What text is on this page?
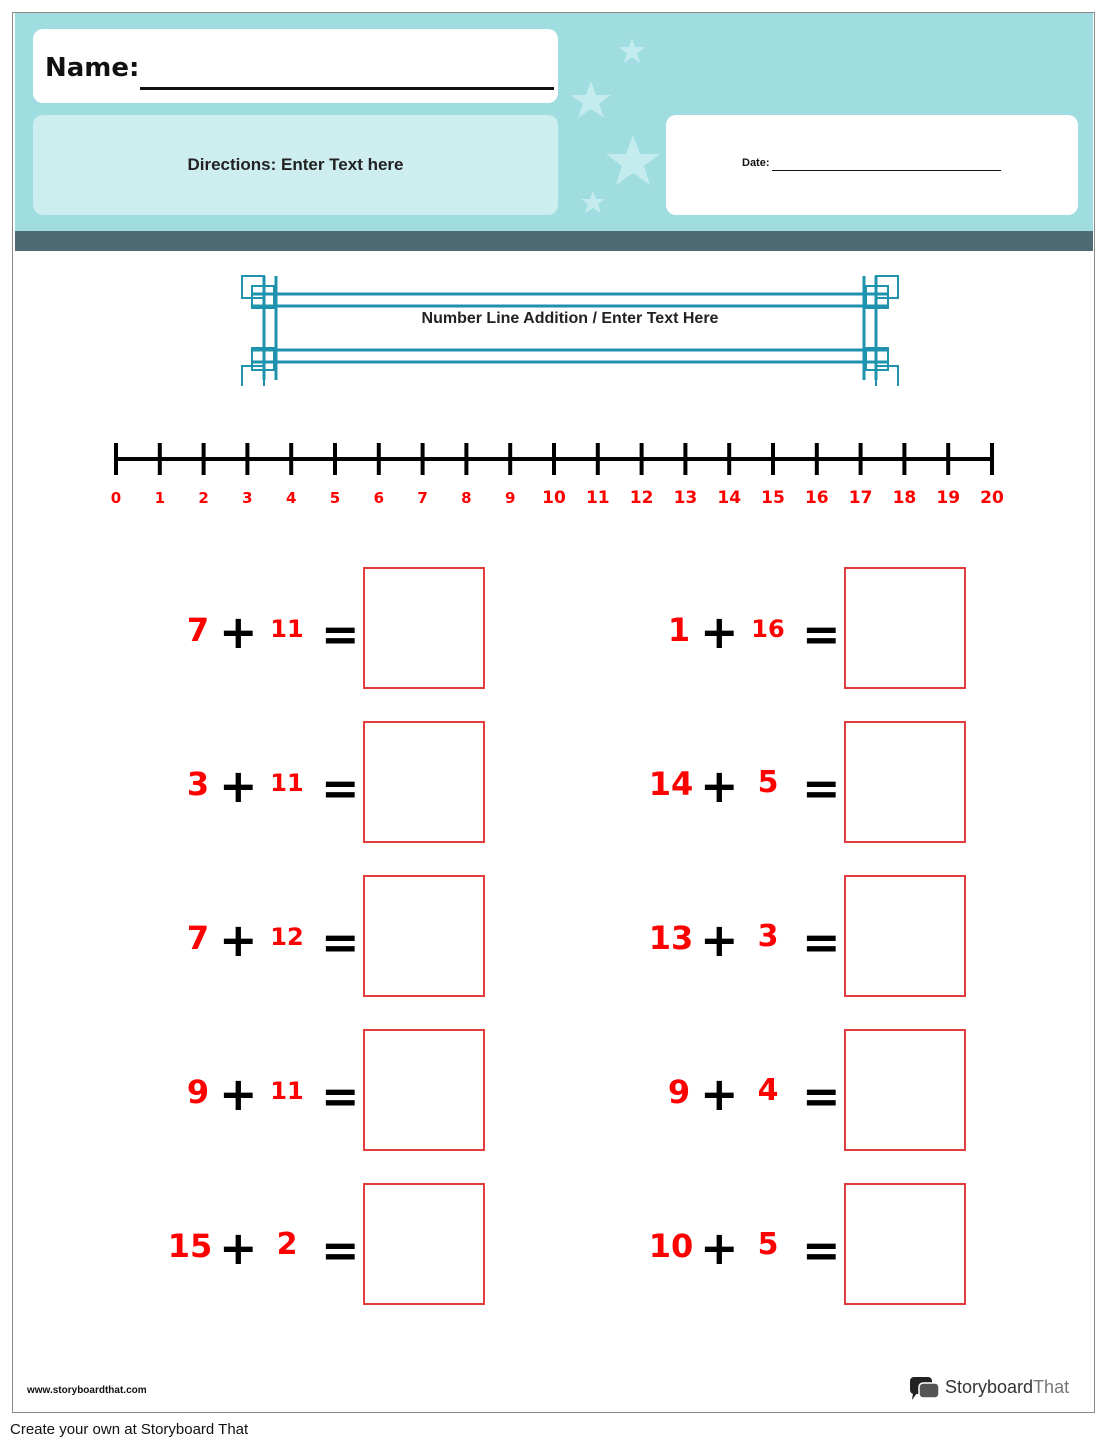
Name:
Directions: Enter Text here	Date:
Number Line Addition / Enter Text Here
0 1 2 3 4 5 6 7 8 9 10 11 12 13 14 15 16 17 18 19 20
7 + 11 =
3 + 11 =
7 + 12 =
9 + 11 =
15 + 2 =
1 + 16 =
14 + 5 =
13 + 3 =
9 + 4 =
10 + 5 =
www.storyboardthat.com	StoryboardThat
Create your own at Storyboard That
